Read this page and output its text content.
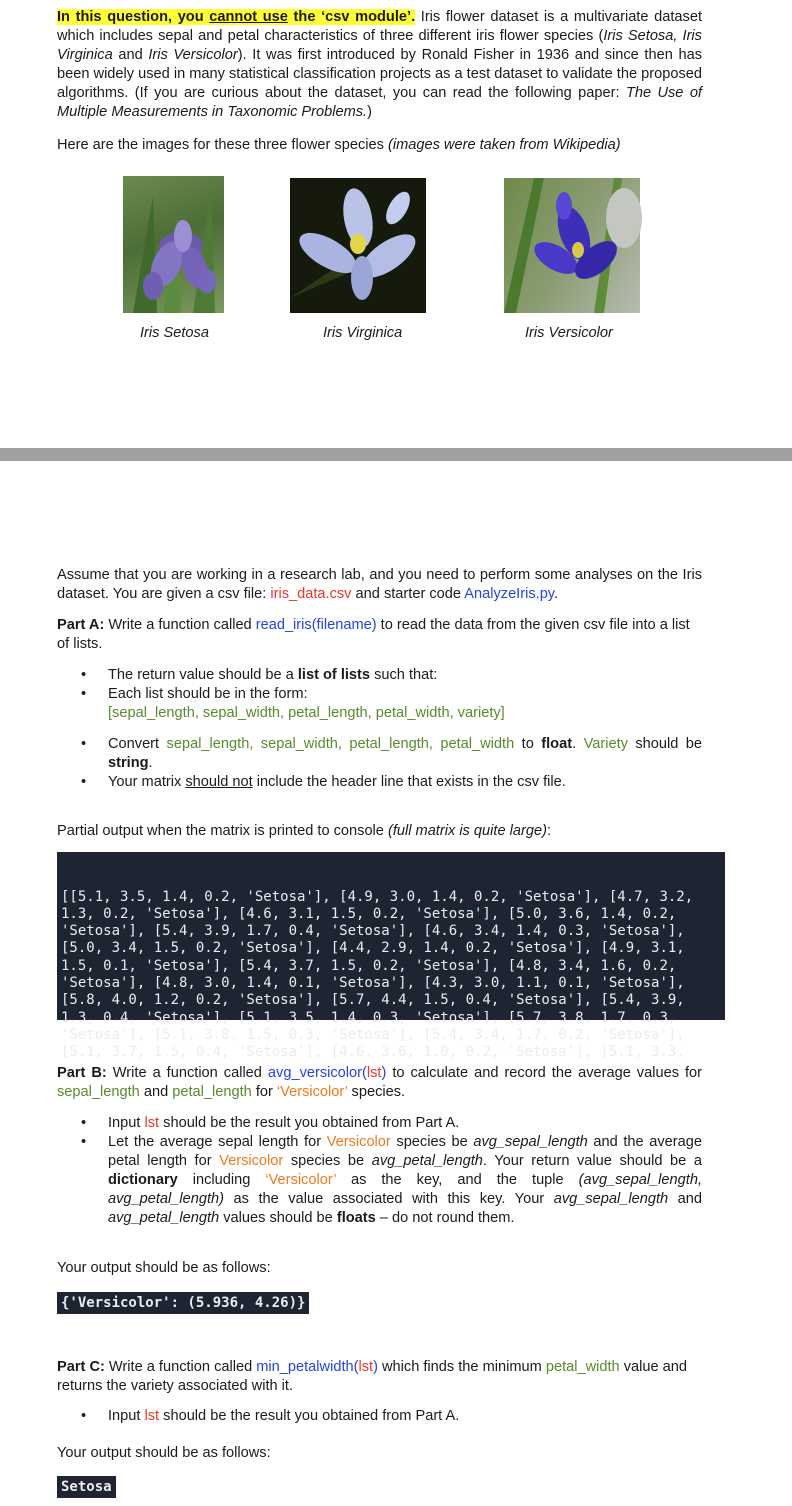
In this question, you cannot use the ‘csv module’. Iris flower dataset is a multivariate dataset which includes sepal and petal characteristics of three different iris flower species (Iris Setosa, Iris Virginica and Iris Versicolor). It was first introduced by Ronald Fisher in 1936 and since then has been widely used in many statistical classification projects as a test dataset to validate the proposed algorithms. (If you are curious about the dataset, you can read the following paper: The Use of Multiple Measurements in Taxonomic Problems.)

Here are the images for these three flower species (images were taken from Wikipedia)

Iris Setosa	Iris Virginica	Iris Versicolor

Assume that you are working in a research lab, and you need to perform some analyses on the Iris dataset. You are given a csv file: iris_data.csv and starter code AnalyzeIris.py.

Part A: Write a function called read_iris(filename) to read the data from the given csv file into a list of lists.

• The return value should be a list of lists such that:
• Each list should be in the form:
[sepal_length, sepal_width, petal_length, petal_width, variety]
• Convert sepal_length, sepal_width, petal_length, petal_width to float. Variety should be string.
• Your matrix should not include the header line that exists in the csv file.

Partial output when the matrix is printed to console (full matrix is quite large):

[[5.1, 3.5, 1.4, 0.2, 'Setosa'], [4.9, 3.0, 1.4, 0.2, 'Setosa'], [4.7, 3.2,
1.3, 0.2, 'Setosa'], [4.6, 3.1, 1.5, 0.2, 'Setosa'], [5.0, 3.6, 1.4, 0.2,
'Setosa'], [5.4, 3.9, 1.7, 0.4, 'Setosa'], [4.6, 3.4, 1.4, 0.3, 'Setosa'],
[5.0, 3.4, 1.5, 0.2, 'Setosa'], [4.4, 2.9, 1.4, 0.2, 'Setosa'], [4.9, 3.1,
1.5, 0.1, 'Setosa'], [5.4, 3.7, 1.5, 0.2, 'Setosa'], [4.8, 3.4, 1.6, 0.2,
'Setosa'], [4.8, 3.0, 1.4, 0.1, 'Setosa'], [4.3, 3.0, 1.1, 0.1, 'Setosa'],
[5.8, 4.0, 1.2, 0.2, 'Setosa'], [5.7, 4.4, 1.5, 0.4, 'Setosa'], [5.4, 3.9,
1.3, 0.4, 'Setosa'], [5.1, 3.5, 1.4, 0.3, 'Setosa'], [5.7, 3.8, 1.7, 0.3,
'Setosa'], [5.1, 3.8, 1.5, 0.3, 'Setosa'], [5.4, 3.4, 1.7, 0.2, 'Setosa'],
[5.1, 3.7, 1.5, 0.4, 'Setosa'], [4.6, 3.6, 1.0, 0.2, 'Setosa'], [5.1, 3.3,

Part B: Write a function called avg_versicolor(lst) to calculate and record the average values for sepal_length and petal_length for ‘Versicolor’ species.

• Input lst should be the result you obtained from Part A.
• Let the average sepal length for Versicolor species be avg_sepal_length and the average petal length for Versicolor species be avg_petal_length. Your return value should be a dictionary including ‘Versicolor’ as the key, and the tuple (avg_sepal_length, avg_petal_length) as the value associated with this key. Your avg_sepal_length and avg_petal_length values should be floats – do not round them.

Your output should be as follows:

{'Versicolor': (5.936, 4.26)}

Part C: Write a function called min_petalwidth(lst) which finds the minimum petal_width value and returns the variety associated with it.

• Input lst should be the result you obtained from Part A.

Your output should be as follows:

Setosa
